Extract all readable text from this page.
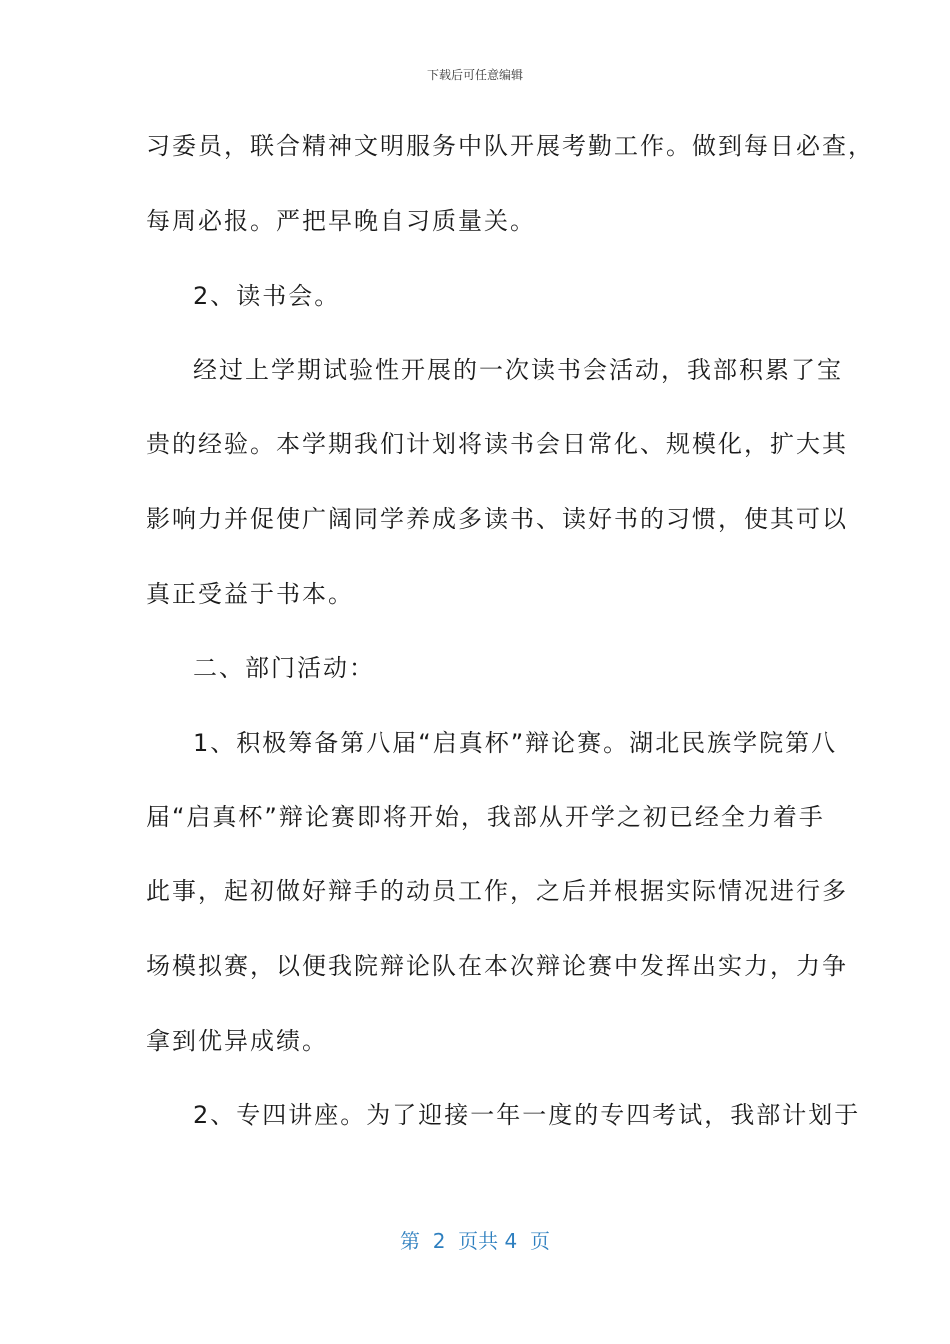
下载后可任意编辑
习委员，联合精神文明服务中队开展考勤工作。做到每日必查，
每周必报。严把早晚自习质量关。
2、读书会。
经过上学期试验性开展的一次读书会活动，我部积累了宝
贵的经验。本学期我们计划将读书会日常化、规模化，扩大其
影响力并促使广阔同学养成多读书、读好书的习惯，使其可以
真正受益于书本。
二、部门活动：
1、积极筹备第八届“启真杯”辩论赛。湖北民族学院第八
届“启真杯”辩论赛即将开始，我部从开学之初已经全力着手
此事，起初做好辩手的动员工作，之后并根据实际情况进行多
场模拟赛，以便我院辩论队在本次辩论赛中发挥出实力，力争
拿到优异成绩。
2、专四讲座。为了迎接一年一度的专四考试，我部计划于
第  2  页共 4  页
